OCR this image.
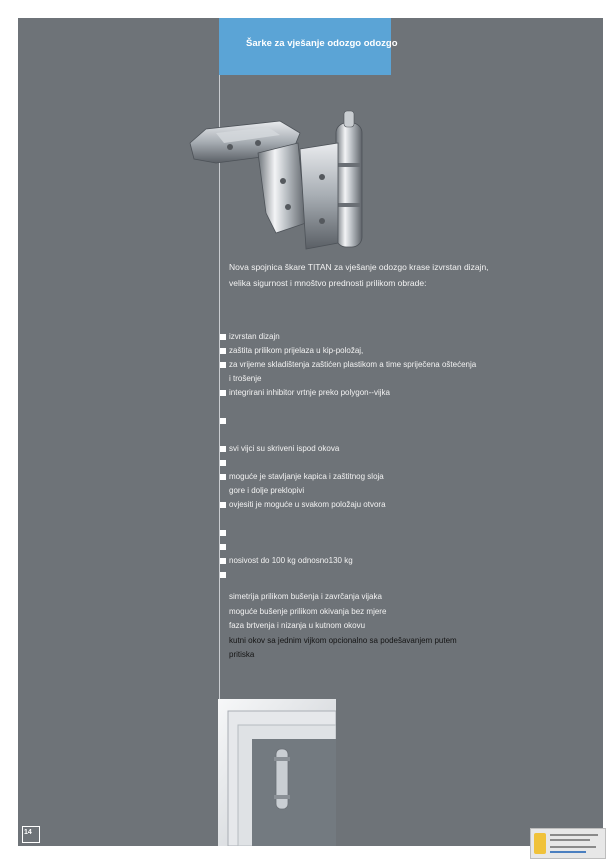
Šarke za vješanje odozgo odozgo
Nova spojnica škare TITAN za vješanje odozgo krase izvrstan dizajn,
velika sigurnost i mnoštvo prednosti prilikom obrade:
izvrstan dizajn
zaštita prilikom prijelaza u kip-položaj,
za vrijeme skladištenja zaštićen plastikom a time spriječena oštećenja
i trošenje
integrirani inhibitor vrtnje preko polygon--vijka
svi vijci su skriveni ispod okova
moguće je stavljanje kapica i zaštitnog sloja
gore i dolje preklopivi
ovjesiti je moguće u svakom položaju otvora
nosivost do 100 kg odnosno130 kg
simetrija prilikom bušenja i zavrčanja vijaka
moguće bušenje prilikom okivanja bez mjere
faza brtvenja i nizanja u kutnom okovu
kutni okov sa jednim vijkom opcionalno sa podešavanjem putem
pritiska
14
